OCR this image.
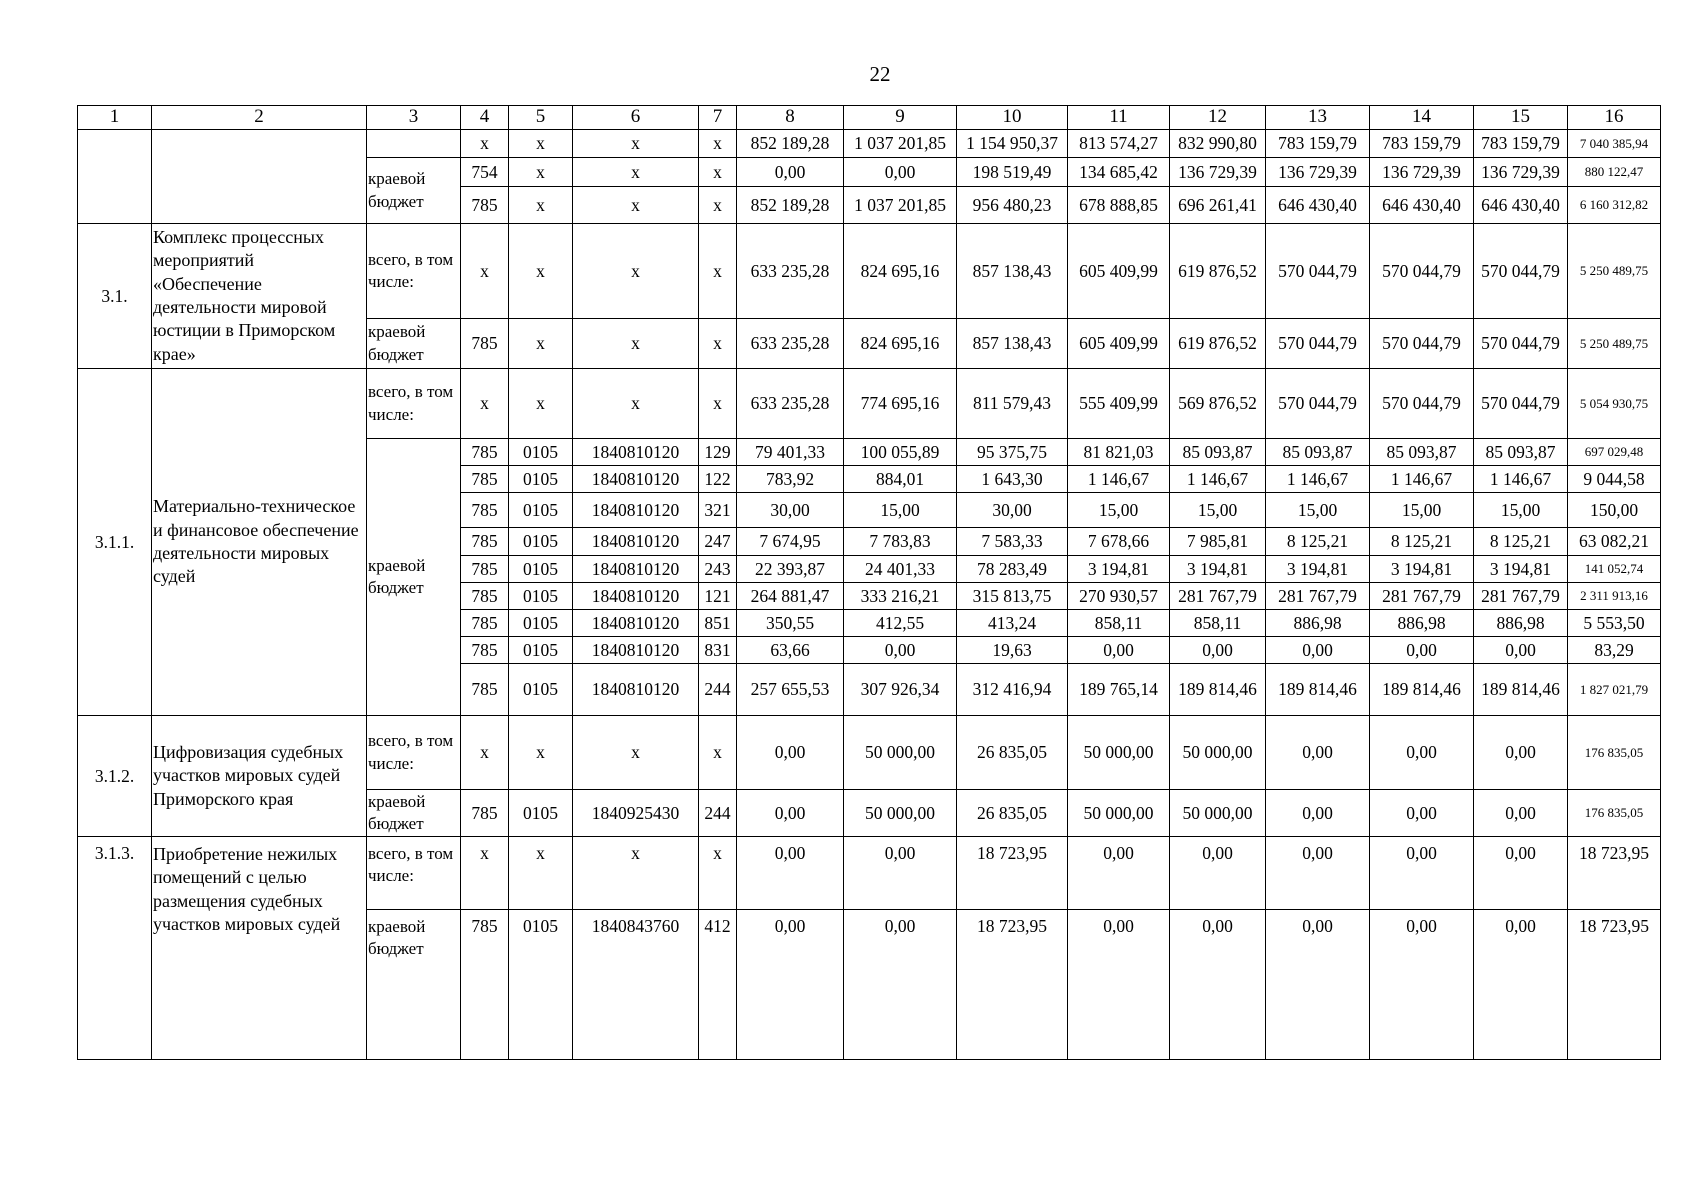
22
1	2	3	4	5	6	7	8	9	10	11	12	13	14	15	16
			x	x	x	x	852 189,28	1 037 201,85	1 154 950,37	813 574,27	832 990,80	783 159,79	783 159,79	783 159,79	7 040 385,94
		краевой бюджет	754	x	x	x	0,00	0,00	198 519,49	134 685,42	136 729,39	136 729,39	136 729,39	136 729,39	880 122,47
			785	x	x	x	852 189,28	1 037 201,85	956 480,23	678 888,85	696 261,41	646 430,40	646 430,40	646 430,40	6 160 312,82
3.1.	Комплекс процессных мероприятий «Обеспечение деятельности мировой юстиции в Приморском крае»	всего, в том числе:	x	x	x	x	633 235,28	824 695,16	857 138,43	605 409,99	619 876,52	570 044,79	570 044,79	570 044,79	5 250 489,75
		краевой бюджет	785	x	x	x	633 235,28	824 695,16	857 138,43	605 409,99	619 876,52	570 044,79	570 044,79	570 044,79	5 250 489,75
3.1.1.	Материально-техническое и финансовое обеспечение деятельности мировых судей	всего, в том числе:	x	x	x	x	633 235,28	774 695,16	811 579,43	555 409,99	569 876,52	570 044,79	570 044,79	570 044,79	5 054 930,75
		краевой бюджет	785	0105	1840810120	129	79 401,33	100 055,89	95 375,75	81 821,03	85 093,87	85 093,87	85 093,87	85 093,87	697 029,48
			785	0105	1840810120	122	783,92	884,01	1 643,30	1 146,67	1 146,67	1 146,67	1 146,67	1 146,67	9 044,58
			785	0105	1840810120	321	30,00	15,00	30,00	15,00	15,00	15,00	15,00	15,00	150,00
			785	0105	1840810120	247	7 674,95	7 783,83	7 583,33	7 678,66	7 985,81	8 125,21	8 125,21	8 125,21	63 082,21
			785	0105	1840810120	243	22 393,87	24 401,33	78 283,49	3 194,81	3 194,81	3 194,81	3 194,81	3 194,81	141 052,74
			785	0105	1840810120	121	264 881,47	333 216,21	315 813,75	270 930,57	281 767,79	281 767,79	281 767,79	281 767,79	2 311 913,16
			785	0105	1840810120	851	350,55	412,55	413,24	858,11	858,11	886,98	886,98	886,98	5 553,50
			785	0105	1840810120	831	63,66	0,00	19,63	0,00	0,00	0,00	0,00	0,00	83,29
			785	0105	1840810120	244	257 655,53	307 926,34	312 416,94	189 765,14	189 814,46	189 814,46	189 814,46	189 814,46	1 827 021,79
3.1.2.	Цифровизация судебных участков мировых судей Приморского края	всего, в том числе:	x	x	x	x	0,00	50 000,00	26 835,05	50 000,00	50 000,00	0,00	0,00	0,00	176 835,05
		краевой бюджет	785	0105	1840925430	244	0,00	50 000,00	26 835,05	50 000,00	50 000,00	0,00	0,00	0,00	176 835,05
3.1.3.	Приобретение нежилых помещений с целью размещения судебных участков мировых судей	всего, в том числе:	x	x	x	x	0,00	0,00	18 723,95	0,00	0,00	0,00	0,00	0,00	18 723,95
		краевой бюджет	785	0105	1840843760	412	0,00	0,00	18 723,95	0,00	0,00	0,00	0,00	0,00	18 723,95
